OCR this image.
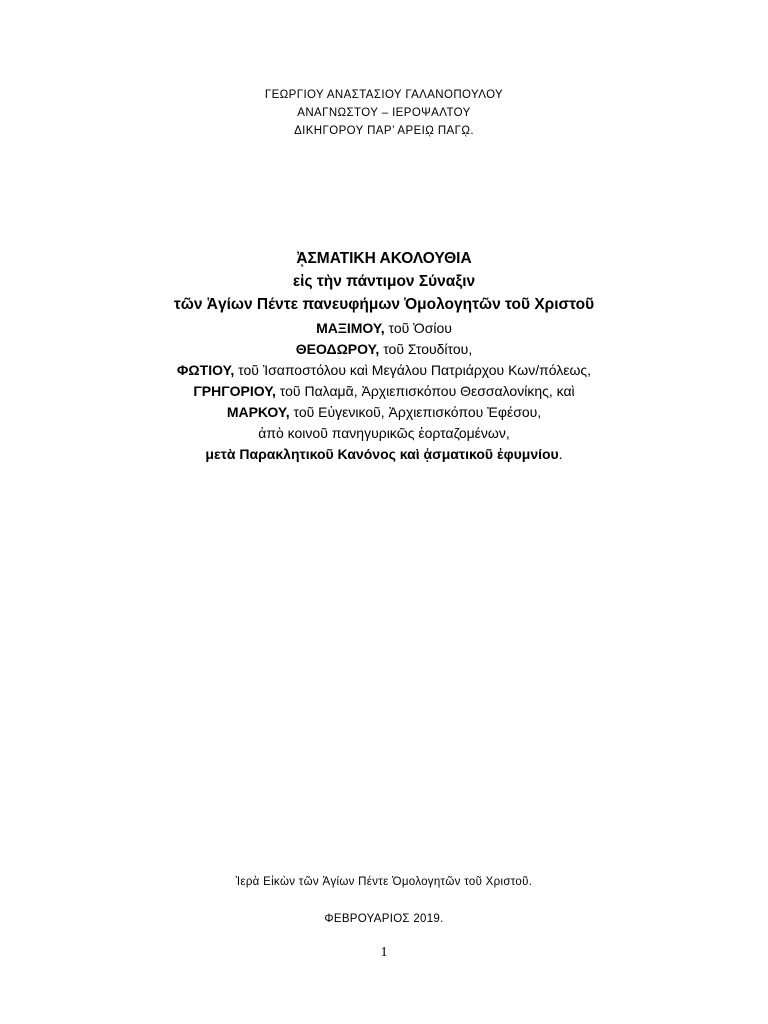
ΓΕΩΡΓΙΟΥ ΑΝΑΣΤΑΣΙΟΥ ΓΑΛΑΝΟΠΟΥΛΟΥ
ΑΝΑΓΝΩΣΤΟΥ – ΙΕΡΟΨΑΛΤΟΥ
ΔΙΚΗΓΟΡΟΥ ΠΑΡ’ ΑΡΕΙῼ ΠΑΓῼ.
ᾈΣΜΑΤΙΚΗ ΑΚΟΛΟΥΘΙΑ
εἰς τὴν πάντιμον Σύναξιν
τῶν Ἁγίων Πέντε πανευφήμων Ὁμολογητῶν τοῦ Χριστοῦ
ΜΑΞΙΜΟΥ, τοῦ Ὁσίου
ΘΕΟΔΩΡΟΥ, τοῦ Στουδίτου,
ΦΩΤΙΟΥ, τοῦ Ἰσαποστόλου καὶ Μεγάλου Πατριάρχου Κων/πόλεως,
ΓΡΗΓΟΡΙΟΥ, τοῦ Παλαμᾶ, Ἀρχιεπισκόπου Θεσσαλονίκης, καὶ
ΜΑΡΚΟΥ, τοῦ Εὐγενικοῦ, Ἀρχιεπισκόπου Ἐφέσου,
ἀπὸ κοινοῦ πανηγυρικῶς ἑορταζομένων,
μετὰ Παρακλητικοῦ Κανόνος καὶ ᾀσματικοῦ ἐφυμνίου.
Ἱερὰ Εἰκὼν τῶν Ἁγίων Πέντε Ὁμολογητῶν τοῦ Χριστοῦ.
ΦΕΒΡΟΥΑΡΙΟΣ 2019.
1
